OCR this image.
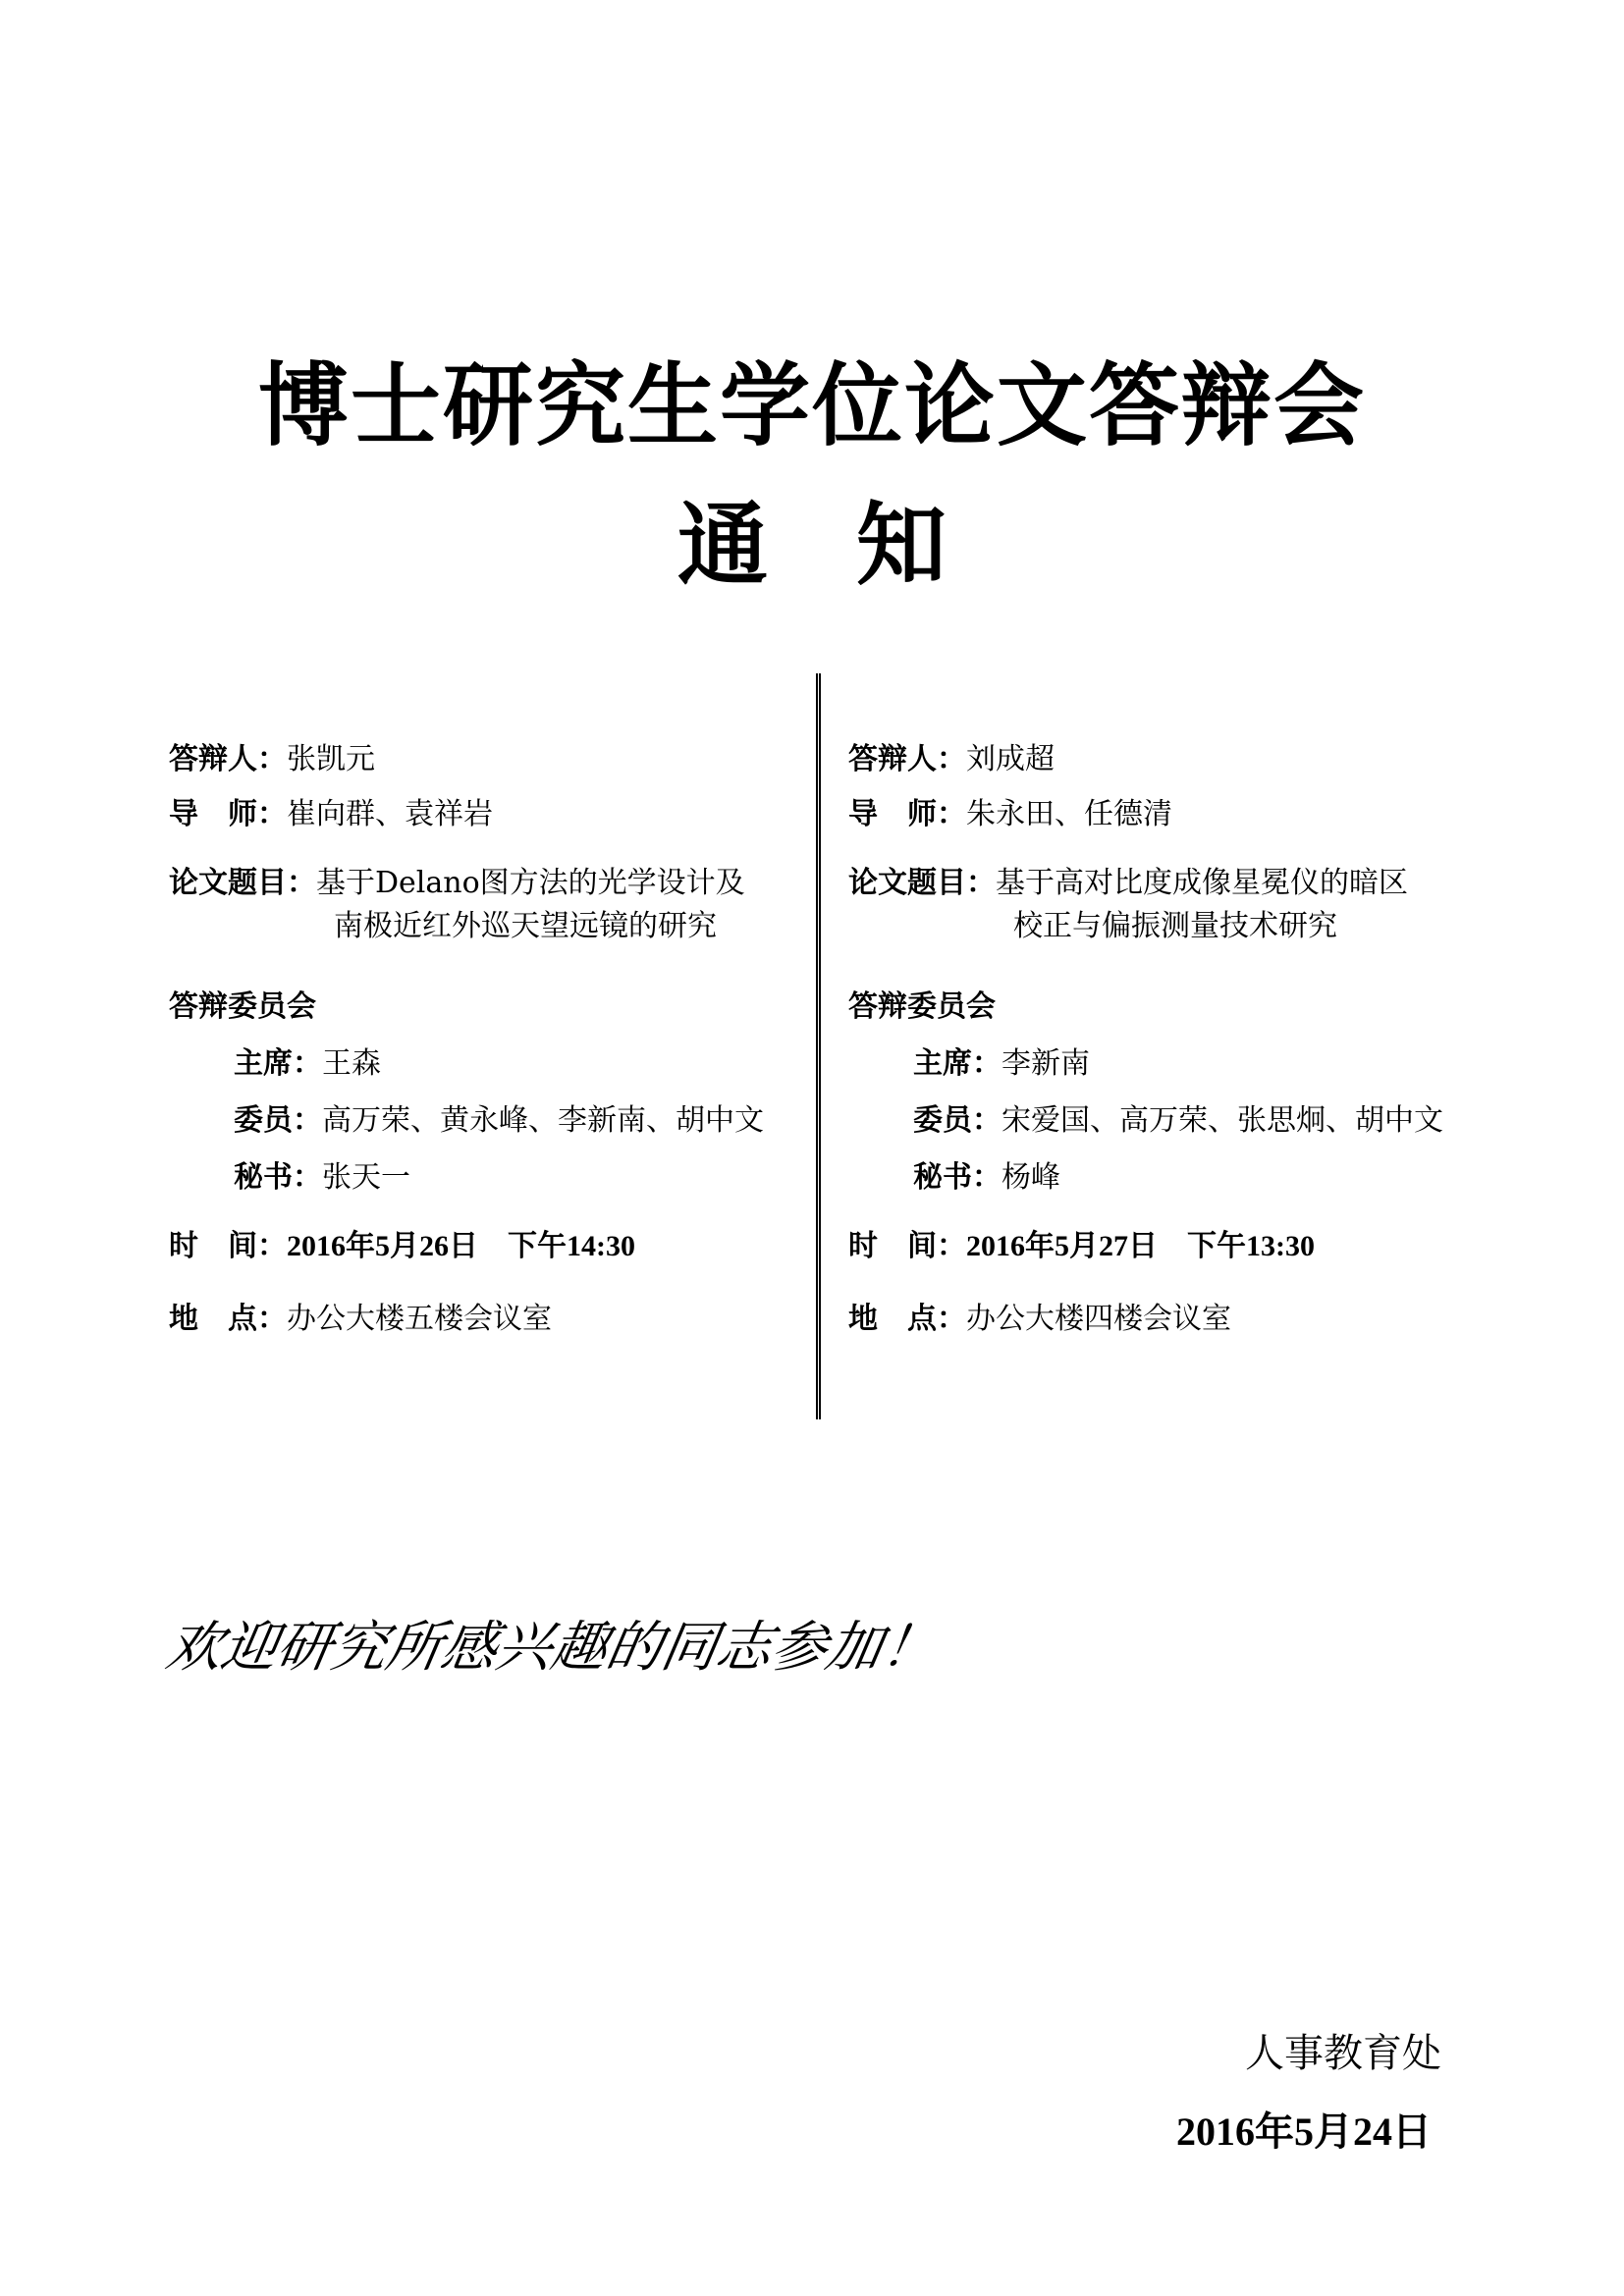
博士研究生学位论文答辩会
通知
答辩人：张凯元
导　师：崔向群、袁祥岩
论文题目：基于Delano图方法的光学设计及
南极近红外巡天望远镜的研究
答辩委员会
主席：王森
委员：高万荣、黄永峰、李新南、胡中文
秘书：张天一
时　间：2016年5月26日　下午14:30
地　点：办公大楼五楼会议室
答辩人：刘成超
导　师：朱永田、任德清
论文题目：基于高对比度成像星冕仪的暗区
校正与偏振测量技术研究
答辩委员会
主席：李新南
委员：宋爱国、高万荣、张思炯、胡中文
秘书：杨峰
时　间：2016年5月27日　下午13:30
地　点：办公大楼四楼会议室
欢迎研究所感兴趣的同志参加！
人事教育处
2016年5月24日
